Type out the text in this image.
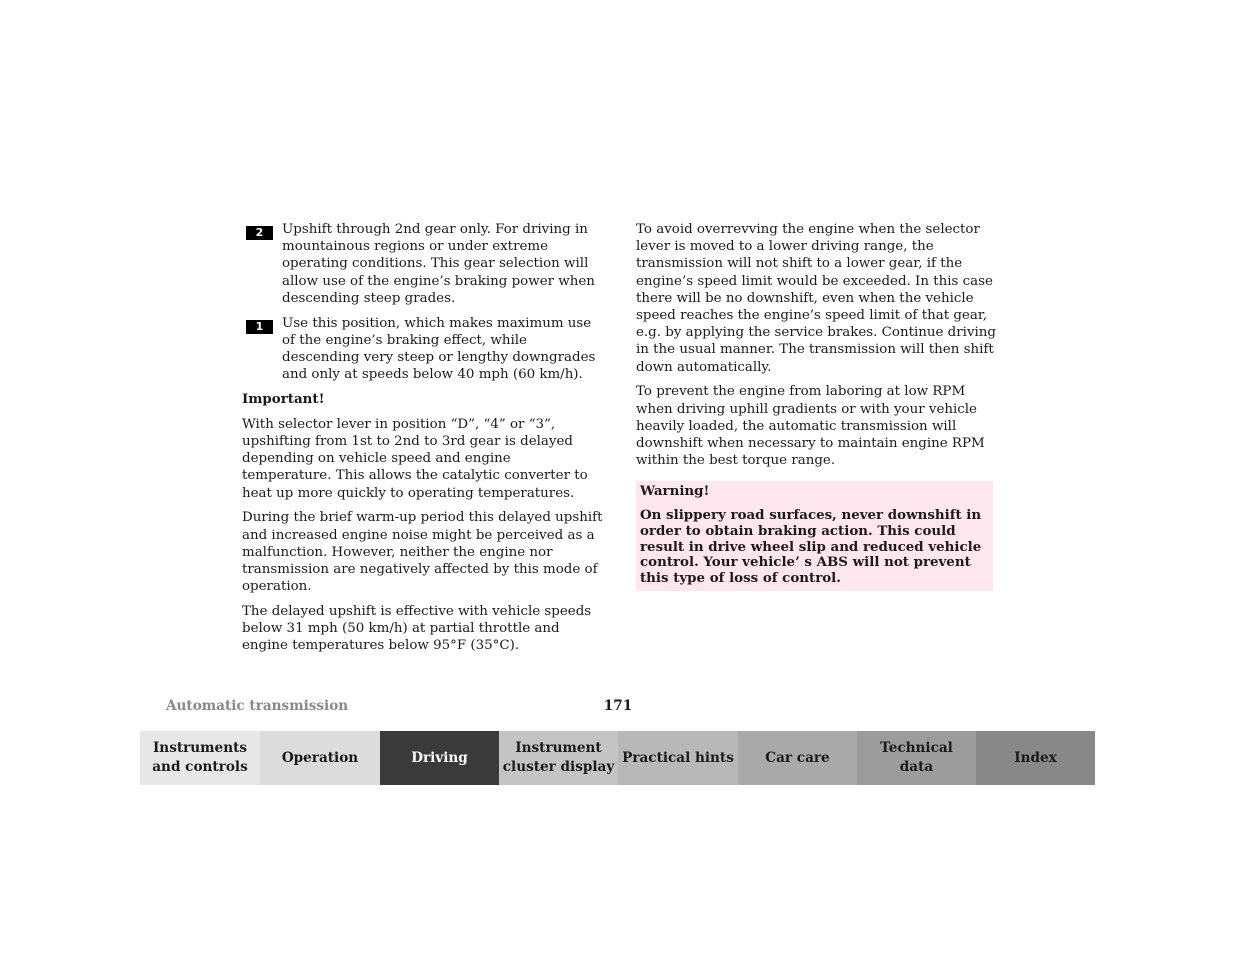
2	Upshift through 2nd gear only. For driving in mountainous regions or under extreme operating conditions. This gear selection will allow use of the engine’s braking power when descending steep grades.
1	Use this position, which makes maximum use of the engine’s braking effect, while descending very steep or lengthy downgrades and only at speeds below 40 mph (60 km/h).

Important!

With selector lever in position “D”, “4” or “3”, upshifting from 1st to 2nd to 3rd gear is delayed depending on vehicle speed and engine temperature. This allows the catalytic converter to heat up more quickly to operating temperatures.

During the brief warm-up period this delayed upshift and increased engine noise might be perceived as a malfunction. However, neither the engine nor transmission are negatively affected by this mode of operation.

The delayed upshift is effective with vehicle speeds below 31 mph (50 km/h) at partial throttle and engine temperatures below 95°F (35°C).

To avoid overrevving the engine when the selector lever is moved to a lower driving range, the transmission will not shift to a lower gear, if the engine’s speed limit would be exceeded. In this case there will be no downshift, even when the vehicle speed reaches the engine’s speed limit of that gear, e.g. by applying the service brakes. Continue driving in the usual manner. The transmission will then shift down automatically.

To prevent the engine from laboring at low RPM when driving uphill gradients or with your vehicle heavily loaded, the automatic transmission will downshift when necessary to maintain engine RPM within the best torque range.

Warning!

On slippery road surfaces, never downshift in order to obtain braking action. This could result in drive wheel slip and reduced vehicle control. Your vehicle’ s ABS will not prevent this type of loss of control.

Automatic transmission	171
Instruments
and controls
Operation	Driving
Instrument
cluster display
Practical hints	Car care
Technical
data
Index
